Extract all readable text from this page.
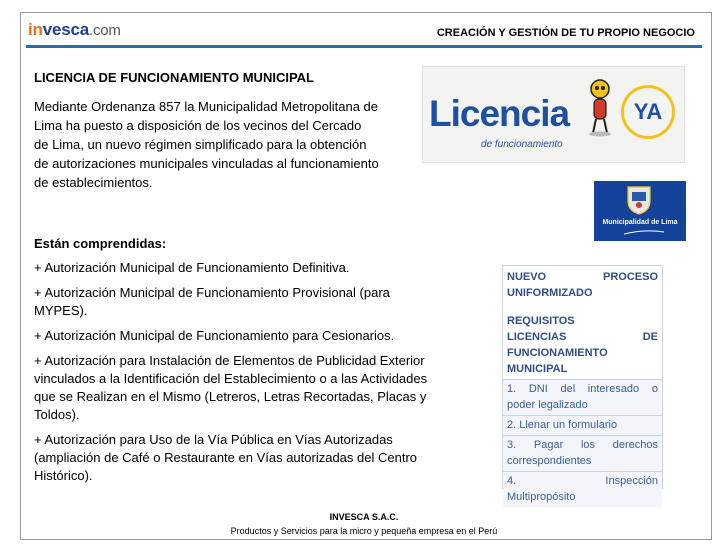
invesca.com	CREACIÓN Y GESTIÓN DE TU PROPIO NEGOCIO
LICENCIA DE FUNCIONAMIENTO MUNICIPAL
Mediante Ordenanza 857 la Municipalidad Metropolitana de
Lima ha puesto a disposición de los vecinos del Cercado
de Lima, un nuevo régimen simplificado para la obtención
de autorizaciones municipales vinculadas al funcionamiento
de establecimientos.
Están comprendidas:
+ Autorización Municipal de Funcionamiento Definitiva.
+ Autorización Municipal de Funcionamiento Provisional (para MYPES).
+ Autorización Municipal de Funcionamiento para Cesionarios.
+ Autorización para Instalación de Elementos de Publicidad Exterior vinculados a la Identificación del Establecimiento o a las Actividades que se Realizan en el Mismo (Letreros, Letras Recortadas, Placas y Toldos).
+ Autorización para Uso de la Vía Pública en Vías Autorizadas (ampliación de Café o Restaurante en Vías autorizadas del Centro Histórico).
Licencia
de funcionamiento
YA
Municipalidad de Lima
NUEVO	PROCESO
UNIFORMIZADO
REQUISITOS
LICENCIAS	DE
FUNCIONAMIENTO
MUNICIPAL
1. DNI del interesado o
poder legalizado
2. Llenar un formulario
3. Pagar los derechos
correspondientes
4.	Inspección
Multipropósito
INVESCA S.A.C.
Productos y Servicios para la micro y pequeña empresa en el Perú
